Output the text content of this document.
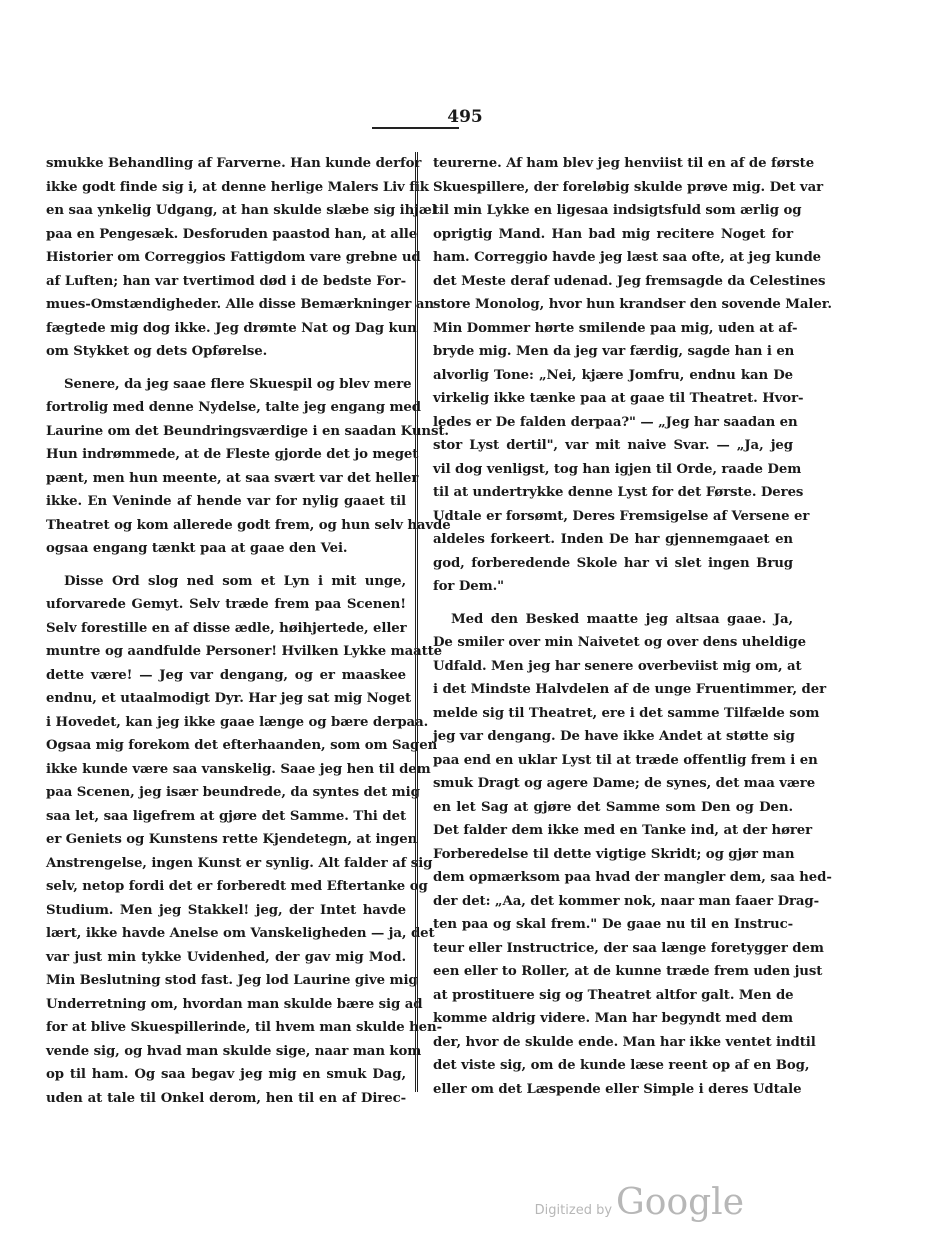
495
smukke Behandling af Farverne. Han kunde derfor
ikke godt finde sig i, at denne herlige Malers Liv fik
en saa ynkelig Udgang, at han skulde slæbe sig ihjæl
paa en Pengesæk. Desforuden paastod han, at alle
Historier om Correggios Fattigdom vare grebne ud
af Luften; han var tvertimod død i de bedste For-
mues-Omstændigheder. Alle disse Bemærkninger an-
fægtede mig dog ikke. Jeg drømte Nat og Dag kun
om Stykket og dets Opførelse.
Senere, da jeg saae flere Skuespil og blev mere
fortrolig med denne Nydelse, talte jeg engang med
Laurine om det Beundringsværdige i en saadan Kunst.
Hun indrømmede, at de Fleste gjorde det jo meget
pænt, men hun meente, at saa svært var det heller
ikke. En Veninde af hende var for nylig gaaet til
Theatret og kom allerede godt frem, og hun selv havde
ogsaa engang tænkt paa at gaae den Vei.
Disse Ord slog ned som et Lyn i mit unge,
uforvarede Gemyt. Selv træde frem paa Scenen!
Selv forestille en af disse ædle, høihjertede, eller
muntre og aandfulde Personer! Hvilken Lykke maatte
dette være! — Jeg var dengang, og er maaskee
endnu, et utaalmodigt Dyr. Har jeg sat mig Noget
i Hovedet, kan jeg ikke gaae længe og bære derpaa.
Ogsaa mig forekom det efterhaanden, som om Sagen
ikke kunde være saa vanskelig. Saae jeg hen til dem
paa Scenen, jeg især beundrede, da syntes det mig
saa let, saa ligefrem at gjøre det Samme. Thi det
er Geniets og Kunstens rette Kjendetegn, at ingen
Anstrengelse, ingen Kunst er synlig. Alt falder af sig
selv, netop fordi det er forberedt med Eftertanke og
Studium. Men jeg Stakkel! jeg, der Intet havde
lært, ikke havde Anelse om Vanskeligheden — ja, det
var just min tykke Uvidenhed, der gav mig Mod.
Min Beslutning stod fast. Jeg lod Laurine give mig
Underretning om, hvordan man skulde bære sig ad
for at blive Skuespillerinde, til hvem man skulde hen-
vende sig, og hvad man skulde sige, naar man kom
op til ham. Og saa begav jeg mig en smuk Dag,
uden at tale til Onkel derom, hen til en af Direc-
teurerne. Af ham blev jeg henviist til en af de første
Skuespillere, der foreløbig skulde prøve mig. Det var
til min Lykke en ligesaa indsigtsfuld som ærlig og
oprigtig Mand. Han bad mig recitere Noget for
ham. Correggio havde jeg læst saa ofte, at jeg kunde
det Meste deraf udenad. Jeg fremsagde da Celestines
store Monolog, hvor hun krandser den sovende Maler.
Min Dommer hørte smilende paa mig, uden at af-
bryde mig. Men da jeg var færdig, sagde han i en
alvorlig Tone: „Nei, kjære Jomfru, endnu kan De
virkelig ikke tænke paa at gaae til Theatret. Hvor-
ledes er De falden derpaa?" — „Jeg har saadan en
stor Lyst dertil", var mit naive Svar. — „Ja, jeg
vil dog venligst, tog han igjen til Orde, raade Dem
til at undertrykke denne Lyst for det Første. Deres
Udtale er forsømt, Deres Fremsigelse af Versene er
aldeles forkeert. Inden De har gjennemgaaet en
god, forberedende Skole har vi slet ingen Brug
for Dem."
Med den Besked maatte jeg altsaa gaae. Ja,
De smiler over min Naivetet og over dens uheldige
Udfald. Men jeg har senere overbeviist mig om, at
i det Mindste Halvdelen af de unge Fruentimmer, der
melde sig til Theatret, ere i det samme Tilfælde som
jeg var dengang. De have ikke Andet at støtte sig
paa end en uklar Lyst til at træde offentlig frem i en
smuk Dragt og agere Dame; de synes, det maa være
en let Sag at gjøre det Samme som Den og Den.
Det falder dem ikke med en Tanke ind, at der hører
Forberedelse til dette vigtige Skridt; og gjør man
dem opmærksom paa hvad der mangler dem, saa hed-
der det: „Aa, det kommer nok, naar man faaer Drag-
ten paa og skal frem." De gaae nu til en Instruc-
teur eller Instructrice, der saa længe foretygger dem
een eller to Roller, at de kunne træde frem uden just
at prostituere sig og Theatret altfor galt. Men de
komme aldrig videre. Man har begyndt med dem
der, hvor de skulde ende. Man har ikke ventet indtil
det viste sig, om de kunde læse reent op af en Bog,
eller om det Læspende eller Simple i deres Udtale
Digitized by Google
